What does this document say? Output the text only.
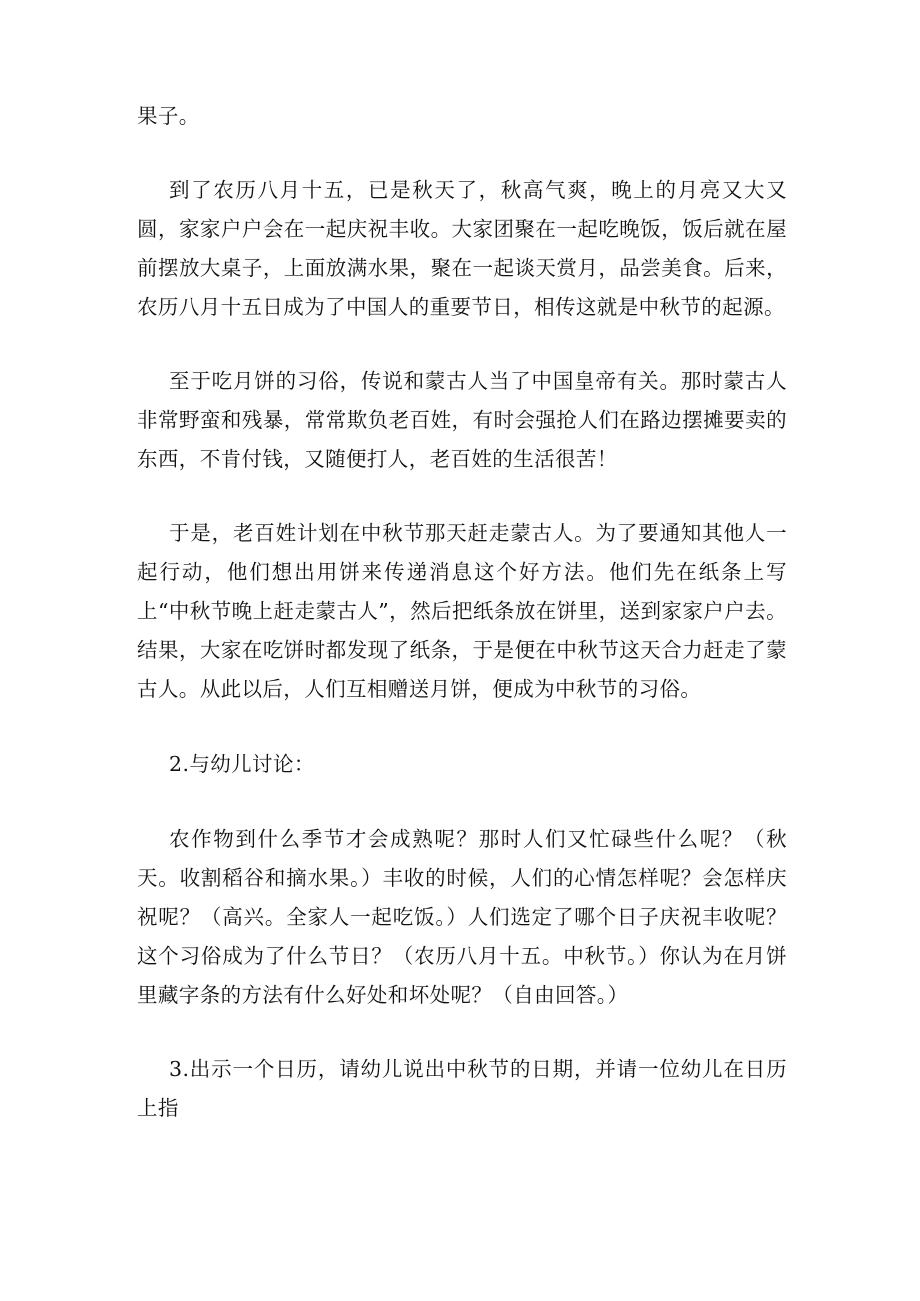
果子。

到了农历八月十五，已是秋天了，秋高气爽，晚上的月亮又大又圆，家家户户会在一起庆祝丰收。大家团聚在一起吃晚饭，饭后就在屋前摆放大桌子，上面放满水果，聚在一起谈天赏月，品尝美食。后来，农历八月十五日成为了中国人的重要节日，相传这就是中秋节的起源。

至于吃月饼的习俗，传说和蒙古人当了中国皇帝有关。那时蒙古人非常野蛮和残暴，常常欺负老百姓，有时会强抢人们在路边摆摊要卖的东西，不肯付钱，又随便打人，老百姓的生活很苦！

于是，老百姓计划在中秋节那天赶走蒙古人。为了要通知其他人一起行动，他们想出用饼来传递消息这个好方法。他们先在纸条上写上“中秋节晚上赶走蒙古人”，然后把纸条放在饼里，送到家家户户去。结果，大家在吃饼时都发现了纸条，于是便在中秋节这天合力赶走了蒙古人。从此以后，人们互相赠送月饼，便成为中秋节的习俗。

2.与幼儿讨论：

农作物到什么季节才会成熟呢？那时人们又忙碌些什么呢？（秋天。收割稻谷和摘水果。）丰收的时候，人们的心情怎样呢？会怎样庆祝呢？（高兴。全家人一起吃饭。）人们选定了哪个日子庆祝丰收呢？这个习俗成为了什么节日？（农历八月十五。中秋节。）你认为在月饼里藏字条的方法有什么好处和坏处呢？（自由回答。）

3.出示一个日历，请幼儿说出中秋节的日期，并请一位幼儿在日历上指
